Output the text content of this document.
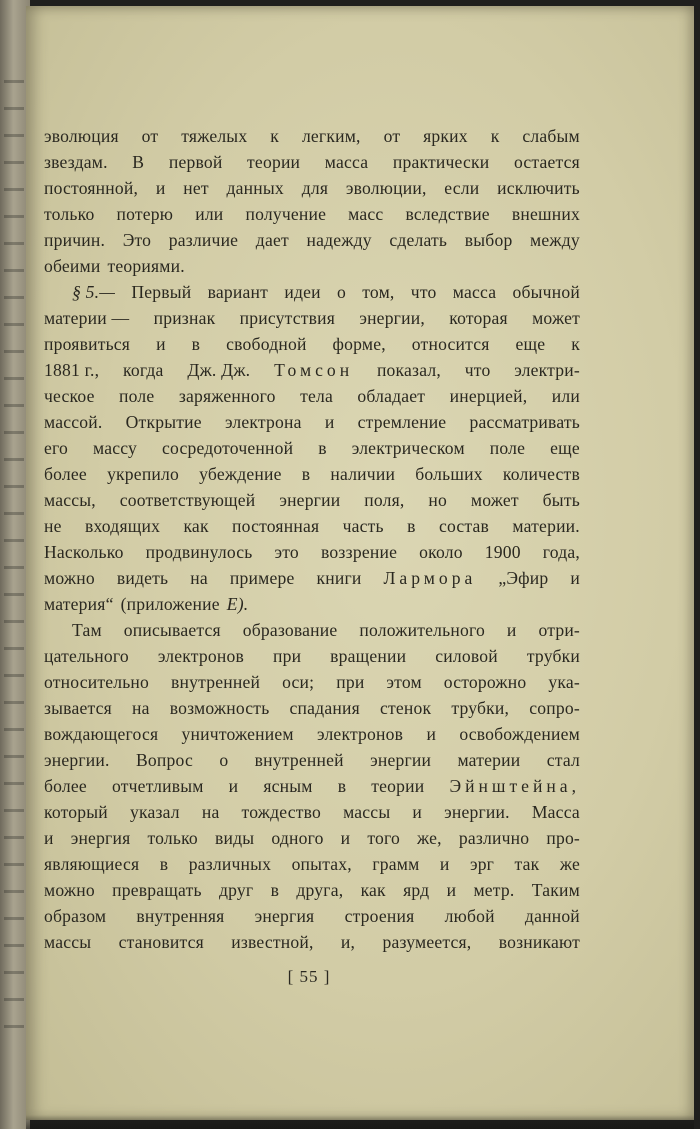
эволюция от тяжелых к легким, от ярких к слабым
звездам. В первой теории масса практически остается
постоянной, и нет данных для эволюции, если исключить
только потерю или получение масс вследствие внешних
причин. Это различие дает надежду сделать выбор между
обеими теориями.
§ 5.— Первый вариант идеи о том, что масса обычной
материи — признак присутствия энергии, которая может
проявиться и в свободной форме, относится еще к
1881 г., когда Дж. Дж. Томсон показал, что электри-
ческое поле заряженного тела обладает инерцией, или
массой. Открытие электрона и стремление рассматривать
его массу сосредоточенной в электрическом поле еще
более укрепило убеждение в наличии больших количеств
массы, соответствующей энергии поля, но может быть
не входящих как постоянная часть в состав материи.
Насколько продвинулось это воззрение около 1900 года,
можно видеть на примере книги Лармора „Эфир и
материя“ (приложение E).
Там описывается образование положительного и отри-
цательного электронов при вращении силовой трубки
относительно внутренней оси; при этом осторожно ука-
зывается на возможность спадания стенок трубки, сопро-
вождающегося уничтожением электронов и освобождением
энергии. Вопрос о внутренней энергии материи стал
более отчетливым и ясным в теории Эйнштейна,
который указал на тождество массы и энергии. Масса
и энергия только виды одного и того же, различно про-
являющиеся в различных опытах, грамм и эрг так же
можно превращать друг в друга, как ярд и метр. Таким
образом внутренняя энергия строения любой данной
массы становится известной, и, разумеется, возникают
[ 55 ]
